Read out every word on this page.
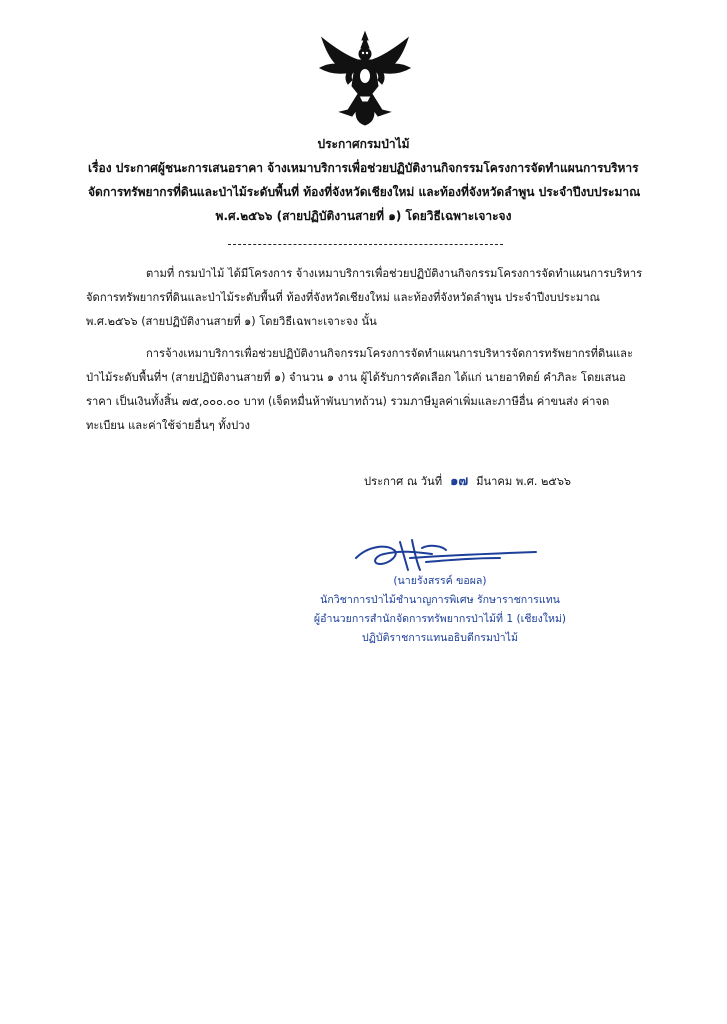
ประกาศกรมป่าไม้
เรื่อง ประกาศผู้ชนะการเสนอราคา จ้างเหมาบริการเพื่อช่วยปฏิบัติงานกิจกรรมโครงการจัดทำแผนการบริหาร
จัดการทรัพยากรที่ดินและป่าไม้ระดับพื้นที่ ท้องที่จังหวัดเชียงใหม่ และท้องที่จังหวัดลำพูน ประจำปีงบประมาณ
พ.ศ.๒๕๖๖ (สายปฏิบัติงานสายที่ ๑) โดยวิธีเฉพาะเจาะจง
ตามที่ กรมป่าไม้ ได้มีโครงการ จ้างเหมาบริการเพื่อช่วยปฏิบัติงานกิจกรรมโครงการจัดทำแผนการบริหาร
จัดการทรัพยากรที่ดินและป่าไม้ระดับพื้นที่ ท้องที่จังหวัดเชียงใหม่ และท้องที่จังหวัดลำพูน ประจำปีงบประมาณ
พ.ศ.๒๕๖๖ (สายปฏิบัติงานสายที่ ๑) โดยวิธีเฉพาะเจาะจง นั้น
การจ้างเหมาบริการเพื่อช่วยปฏิบัติงานกิจกรรมโครงการจัดทำแผนการบริหารจัดการทรัพยากรที่ดินและ
ป่าไม้ระดับพื้นที่ฯ (สายปฏิบัติงานสายที่ ๑) จำนวน ๑ งาน ผู้ได้รับการคัดเลือก ได้แก่ นายอาทิตย์ คำภิละ โดยเสนอ
ราคา เป็นเงินทั้งสิ้น ๗๕,๐๐๐.๐๐ บาท (เจ็ดหมื่นห้าพันบาทถ้วน) รวมภาษีมูลค่าเพิ่มและภาษีอื่น ค่าขนส่ง ค่าจด
ทะเบียน และค่าใช้จ่ายอื่นๆ ทั้งปวง
ประกาศ ณ วันที่ ๑๗ มีนาคม พ.ศ. ๒๕๖๖
(นายรังสรรค์ ขอผล)
นักวิชาการป่าไม้ชำนาญการพิเศษ รักษาราชการแทน
ผู้อำนวยการสำนักจัดการทรัพยากรป่าไม้ที่ 1 (เชียงใหม่)
ปฏิบัติราชการแทนอธิบดีกรมป่าไม้
